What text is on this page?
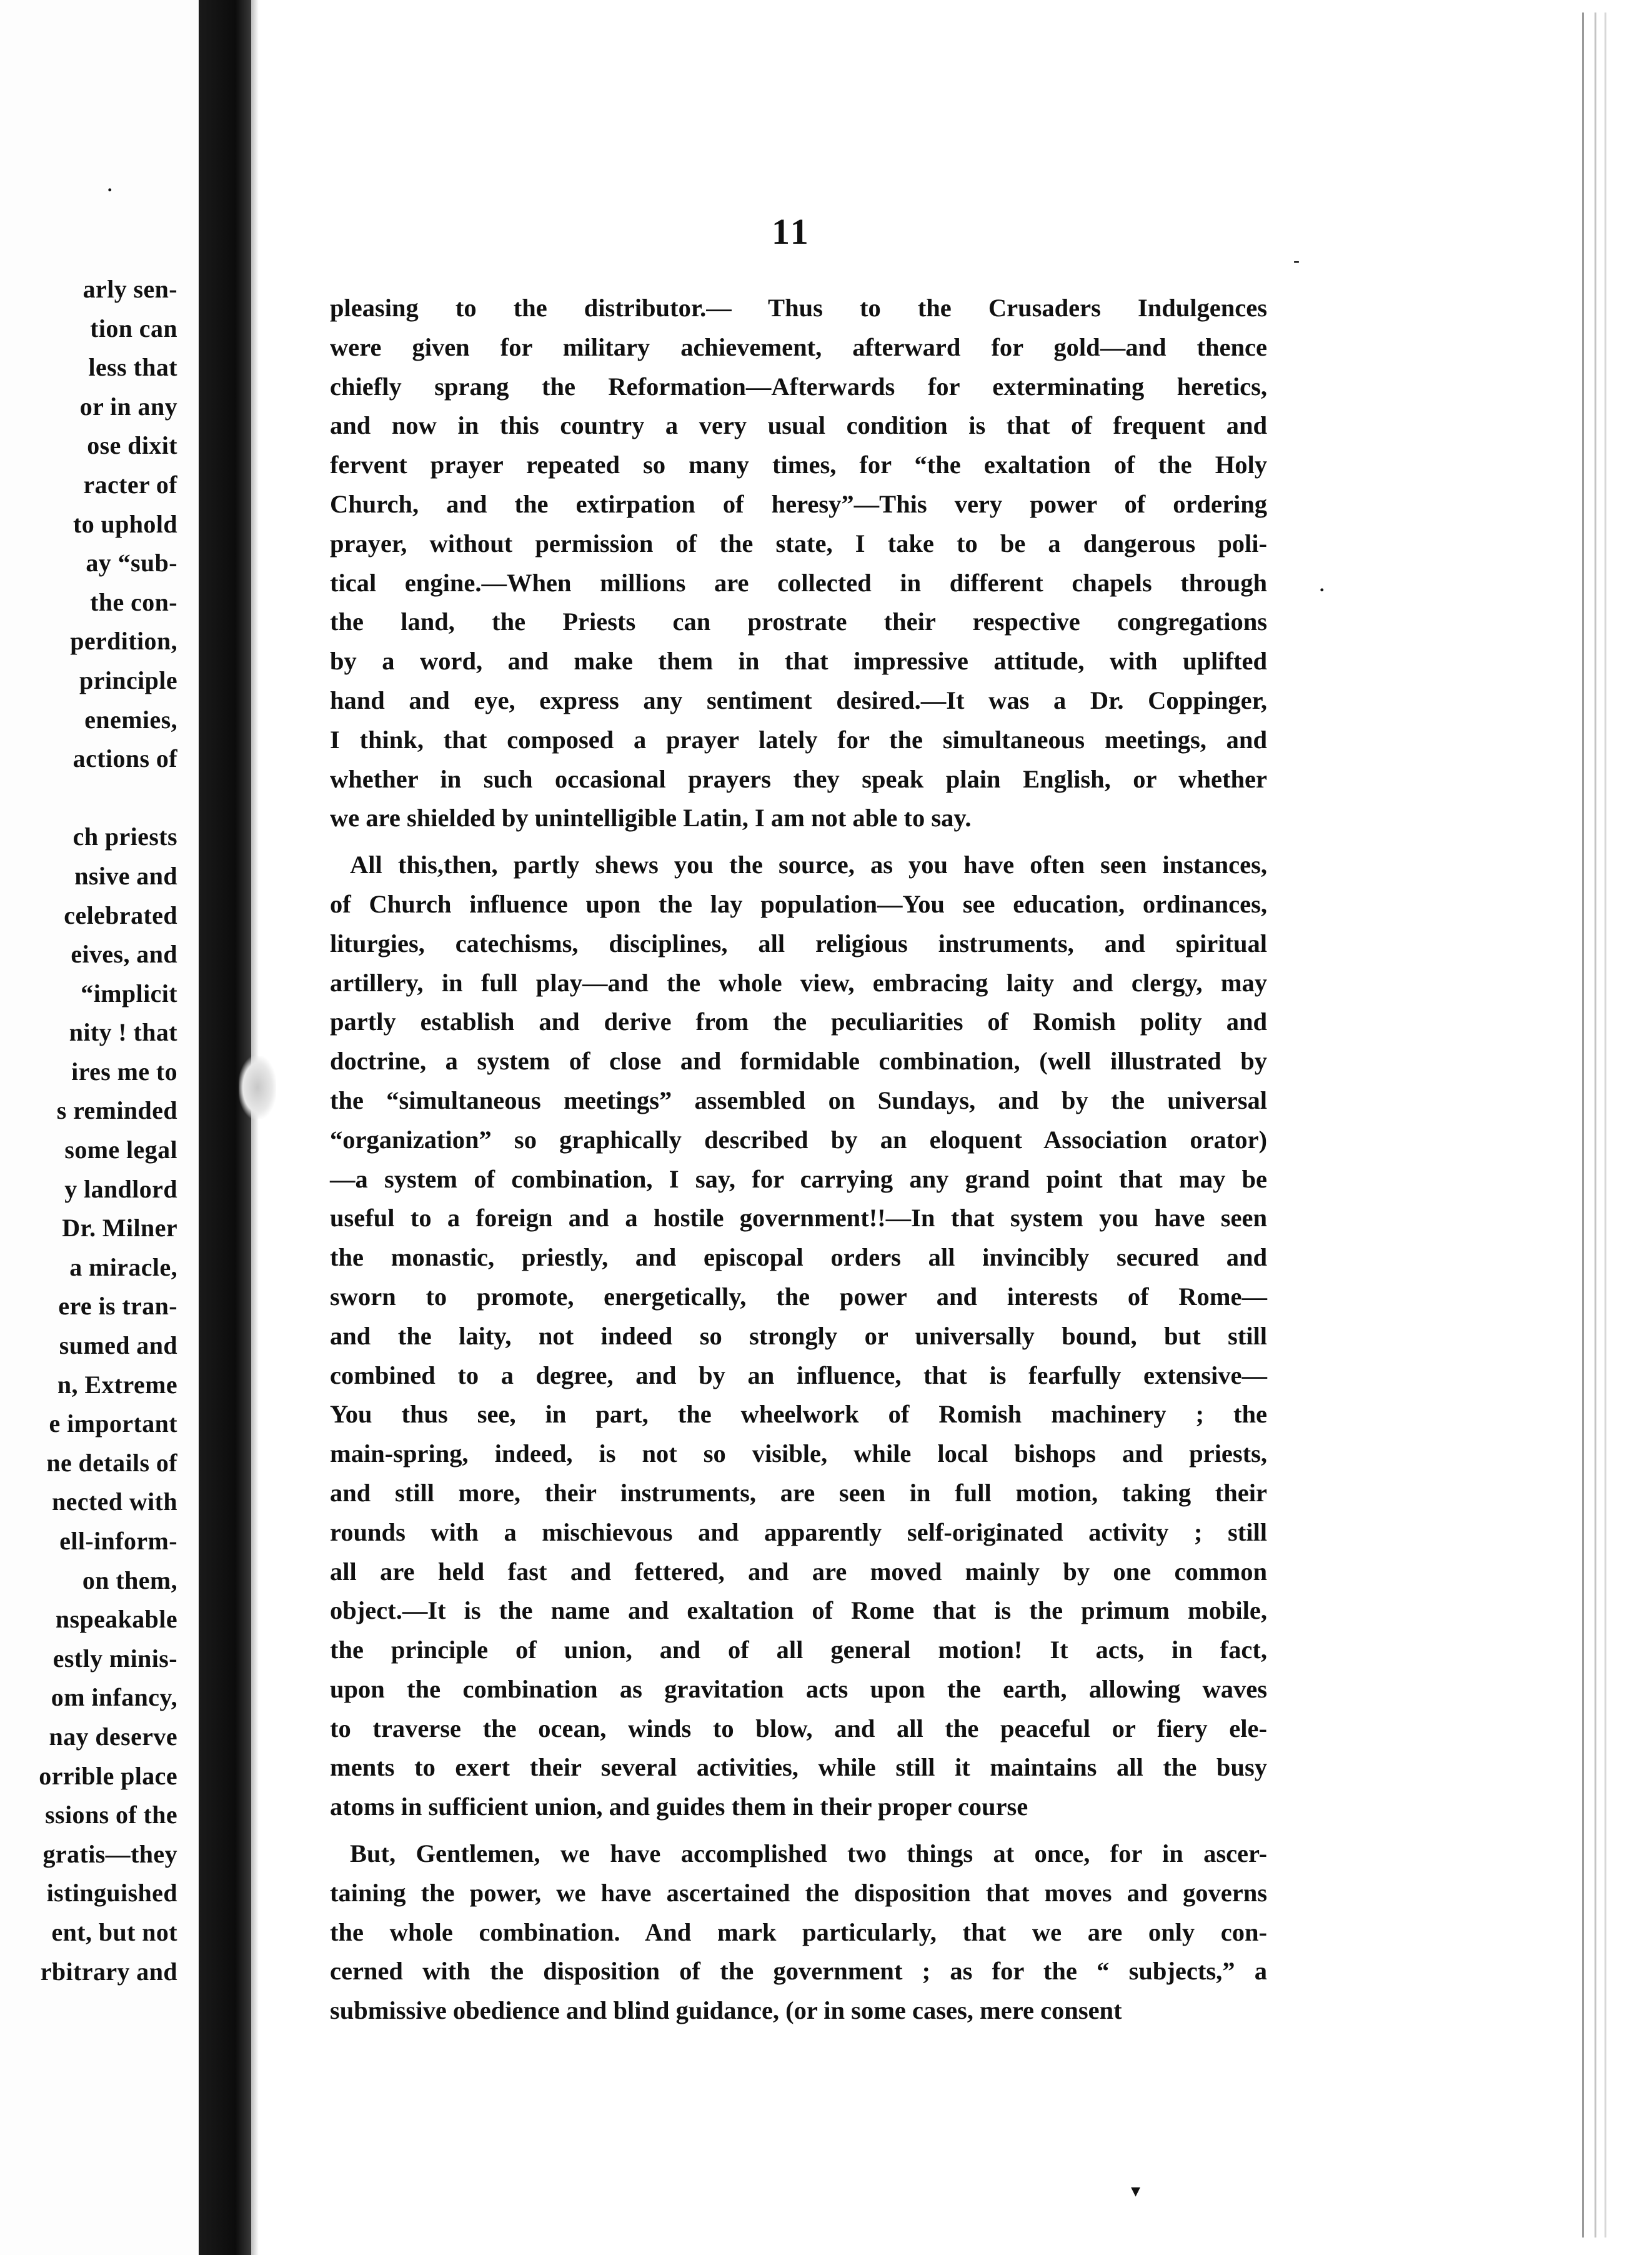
arly sen-
tion can
less that
or in any
ose dixit
racter of
to uphold
ay “sub-
the con-
perdition,
principle
enemies,
actions of
ch priests
nsive and
celebrated
eives, and
“implicit
nity ! that
ires me to
s reminded
some legal
y landlord
Dr. Milner
a miracle,
ere is tran-
sumed and
n, Extreme
e important
ne details of
nected with
ell-inform-
on them,
nspeakable
estly minis-
om infancy,
nay deserve
orrible place
ssions of the
gratis—they
istinguished
ent, but not
rbitrary and
.
11
pleasing to the distributor.— Thus to the Crusaders Indulgences
were given for military achievement, afterward for gold—and thence
chiefly sprang the Reformation—Afterwards for exterminating heretics,
and now in this country a very usual condition is that of frequent and
fervent prayer repeated so many times, for “the exaltation of the Holy
Church, and the extirpation of heresy”—This very power of ordering
prayer, without permission of the state, I take to be a dangerous poli-
tical engine.—When millions are collected in different chapels through
the land, the Priests can prostrate their respective congregations
by a word, and make them in that impressive attitude, with uplifted
hand and eye, express any sentiment desired.—It was a Dr. Coppinger,
I think, that composed a prayer lately for the simultaneous meetings, and
whether in such occasional prayers they speak plain English, or whether
we are shielded by unintelligible Latin, I am not able to say.
All this,then, partly shews you the source, as you have often seen instances,
of Church influence upon the lay population—You see education, ordinances,
liturgies, catechisms, disciplines, all religious instruments, and spiritual
artillery, in full play—and the whole view, embracing laity and clergy, may
partly establish and derive from the peculiarities of Romish polity and
doctrine, a system of close and formidable combination, (well illustrated by
the “simultaneous meetings” assembled on Sundays, and by the universal
“organization” so graphically described by an eloquent Association orator)
—a system of combination, I say, for carrying any grand point that may be
useful to a foreign and a hostile government!!—In that system you have seen
the monastic, priestly, and episcopal orders all invincibly secured and
sworn to promote, energetically, the power and interests of Rome—
and the laity, not indeed so strongly or universally bound, but still
combined to a degree, and by an influence, that is fearfully extensive—
You thus see, in part, the wheelwork of Romish machinery ; the
main-spring, indeed, is not so visible, while local bishops and priests,
and still more, their instruments, are seen in full motion, taking their
rounds with a mischievous and apparently self-originated activity ; still
all are held fast and fettered, and are moved mainly by one common
object.—It is the name and exaltation of Rome that is the primum mobile,
the principle of union, and of all general motion! It acts, in fact,
upon the combination as gravitation acts upon the earth, allowing waves
to traverse the ocean, winds to blow, and all the peaceful or fiery ele-
ments to exert their several activities, while still it maintains all the busy
atoms in sufficient union, and guides them in their proper course
But, Gentlemen, we have accomplished two things at once, for in ascer-
taining the power, we have ascertained the disposition that moves and governs
the whole combination. And mark particularly, that we are only con-
cerned with the disposition of the government ; as for the “ subjects,” a
submissive obedience and blind guidance, (or in some cases, mere consent
-
.
▾
